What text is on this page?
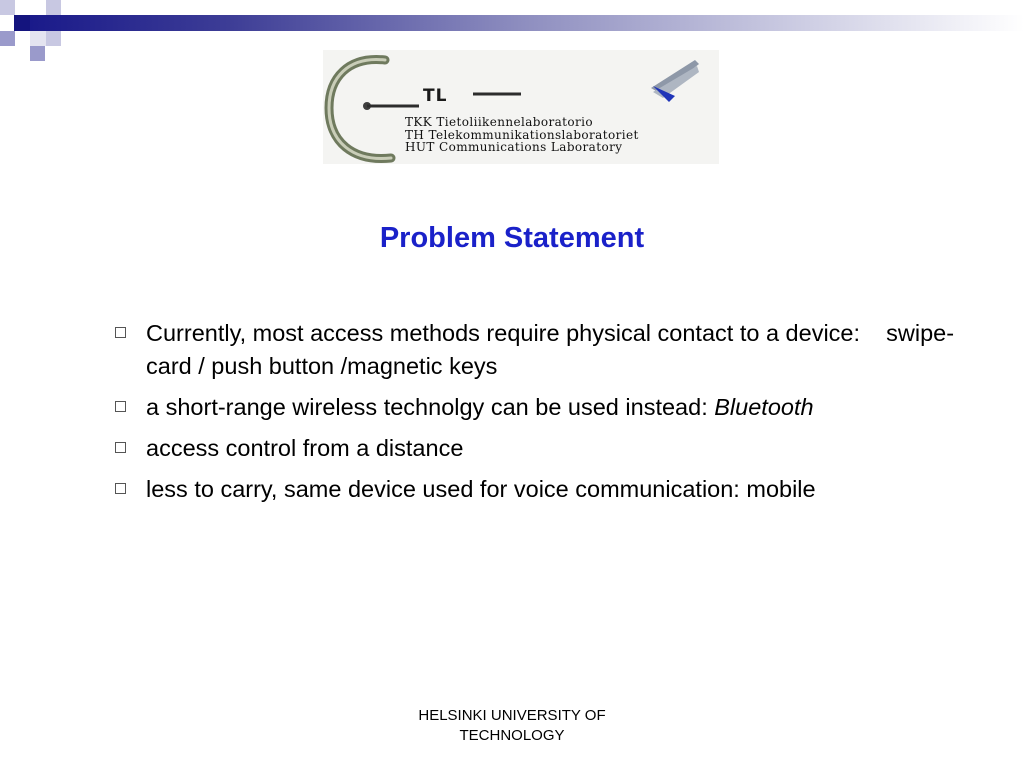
TL
TKK Tietoliikennelaboratorio
TH Telekommunikationslaboratoriet
HUT Communications Laboratory
Problem Statement
Currently, most access methods require physical contact to a device:    swipe-card / push button /magnetic keys
a short-range wireless technolgy can be used instead: Bluetooth
access control from a distance
less to carry, same device used for voice communication: mobile
HELSINKI UNIVERSITY OF
TECHNOLOGY
